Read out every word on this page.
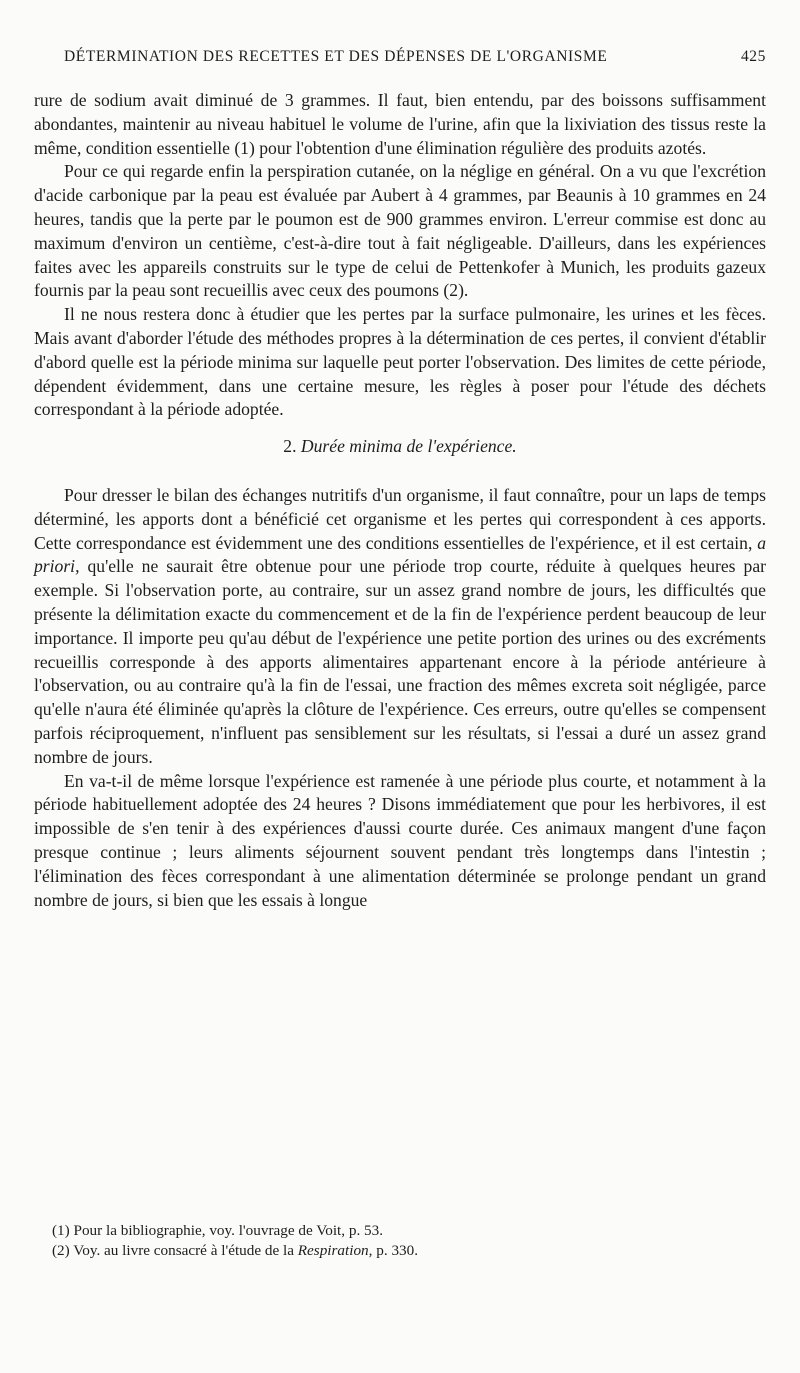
DÉTERMINATION DES RECETTES ET DES DÉPENSES DE L'ORGANISME	425

rure de sodium avait diminué de 3 grammes. Il faut, bien entendu, par des boissons suffisamment abondantes, maintenir au niveau habituel le volume de l'urine, afin que la lixiviation des tissus reste la même, condition essentielle (1) pour l'obtention d'une élimination régulière des produits azotés.

Pour ce qui regarde enfin la perspiration cutanée, on la néglige en général. On a vu que l'excrétion d'acide carbonique par la peau est évaluée par Aubert à 4 grammes, par Beaunis à 10 grammes en 24 heures, tandis que la perte par le poumon est de 900 grammes environ. L'erreur commise est donc au maximum d'environ un centième, c'est-à-dire tout à fait négligeable. D'ailleurs, dans les expériences faites avec les appareils construits sur le type de celui de Pettenkofer à Munich, les produits gazeux fournis par la peau sont recueillis avec ceux des poumons (2).

Il ne nous restera donc à étudier que les pertes par la surface pulmonaire, les urines et les fèces. Mais avant d'aborder l'étude des méthodes propres à la détermination de ces pertes, il convient d'établir d'abord quelle est la période minima sur laquelle peut porter l'observation. Des limites de cette période, dépendent évidemment, dans une certaine mesure, les règles à poser pour l'étude des déchets correspondant à la période adoptée.

2. Durée minima de l'expérience.

Pour dresser le bilan des échanges nutritifs d'un organisme, il faut connaître, pour un laps de temps déterminé, les apports dont a bénéficié cet organisme et les pertes qui correspondent à ces apports. Cette correspondance est évidemment une des conditions essentielles de l'expérience, et il est certain, a priori, qu'elle ne saurait être obtenue pour une période trop courte, réduite à quelques heures par exemple. Si l'observation porte, au contraire, sur un assez grand nombre de jours, les difficultés que présente la délimitation exacte du commencement et de la fin de l'expérience perdent beaucoup de leur importance. Il importe peu qu'au début de l'expérience une petite portion des urines ou des excréments recueillis corresponde à des apports alimentaires appartenant encore à la période antérieure à l'observation, ou au contraire qu'à la fin de l'essai, une fraction des mêmes excreta soit négligée, parce qu'elle n'aura été éliminée qu'après la clôture de l'expérience. Ces erreurs, outre qu'elles se compensent parfois réciproquement, n'influent pas sensiblement sur les résultats, si l'essai a duré un assez grand nombre de jours.

En va-t-il de même lorsque l'expérience est ramenée à une période plus courte, et notamment à la période habituellement adoptée des 24 heures ? Disons immédiatement que pour les herbivores, il est impossible de s'en tenir à des expériences d'aussi courte durée. Ces animaux mangent d'une façon presque continue ; leurs aliments séjournent souvent pendant très longtemps dans l'intestin ; l'élimination des fèces correspondant à une alimentation déterminée se prolonge pendant un grand nombre de jours, si bien que les essais à longue

(1) Pour la bibliographie, voy. l'ouvrage de Voit, p. 53.
(2) Voy. au livre consacré à l'étude de la Respiration, p. 330.
